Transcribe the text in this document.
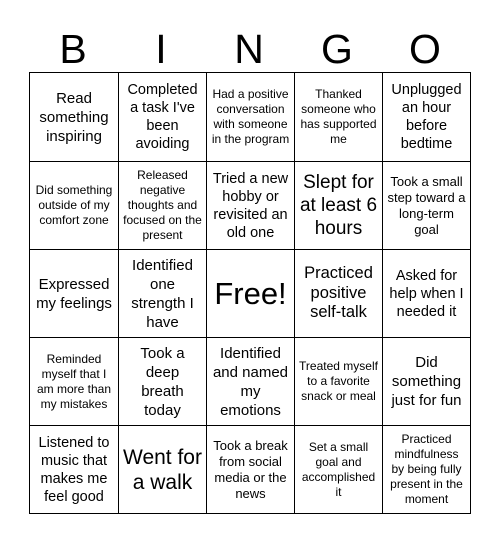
B	I	N	G	O
Read something inspiring
Completed a task I've been avoiding
Had a positive conversation with someone in the program
Thanked someone who has supported me
Unplugged an hour before bedtime
Did something outside of my comfort zone
Released negative thoughts and focused on the present
Tried a new hobby or revisited an old one
Slept for at least 6 hours
Took a small step toward a long-term goal
Expressed my feelings
Identified one strength I have
Free!
Practiced positive self-talk
Asked for help when I needed it
Reminded myself that I am more than my mistakes
Took a deep breath today
Identified and named my emotions
Treated myself to a favorite snack or meal
Did something just for fun
Listened to music that makes me feel good
Went for a walk
Took a break from social media or the news
Set a small goal and accomplished it
Practiced mindfulness by being fully present in the moment
